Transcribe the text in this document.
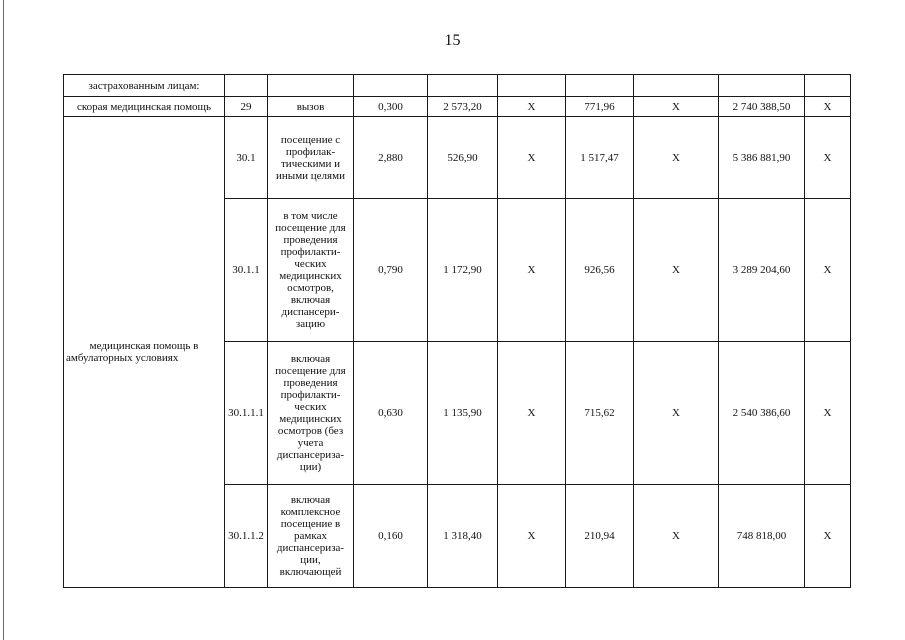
15
застрахованным лицам:									
скорая медицинская помощь	29	вызов	0,300	2 573,20	X	771,96	X	2 740 388,50	X
медицинская помощь в амбулаторных условиях	30.1	посещение с профилак-тическими и иными целями	2,880	526,90	X	1 517,47	X	5 386 881,90	X
	30.1.1	в том числе посещение для проведения профилакти-ческих медицинских осмотров, включая диспансери-зацию	0,790	1 172,90	X	926,56	X	3 289 204,60	X
	30.1.1.1	включая посещение для проведения профилакти-ческих медицинских осмотров (без учета диспансериза-ции)	0,630	1 135,90	X	715,62	X	2 540 386,60	X
	30.1.1.2	включая комплексное посещение в рамках диспансериза-ции, включающей	0,160	1 318,40	X	210,94	X	748 818,00	X
